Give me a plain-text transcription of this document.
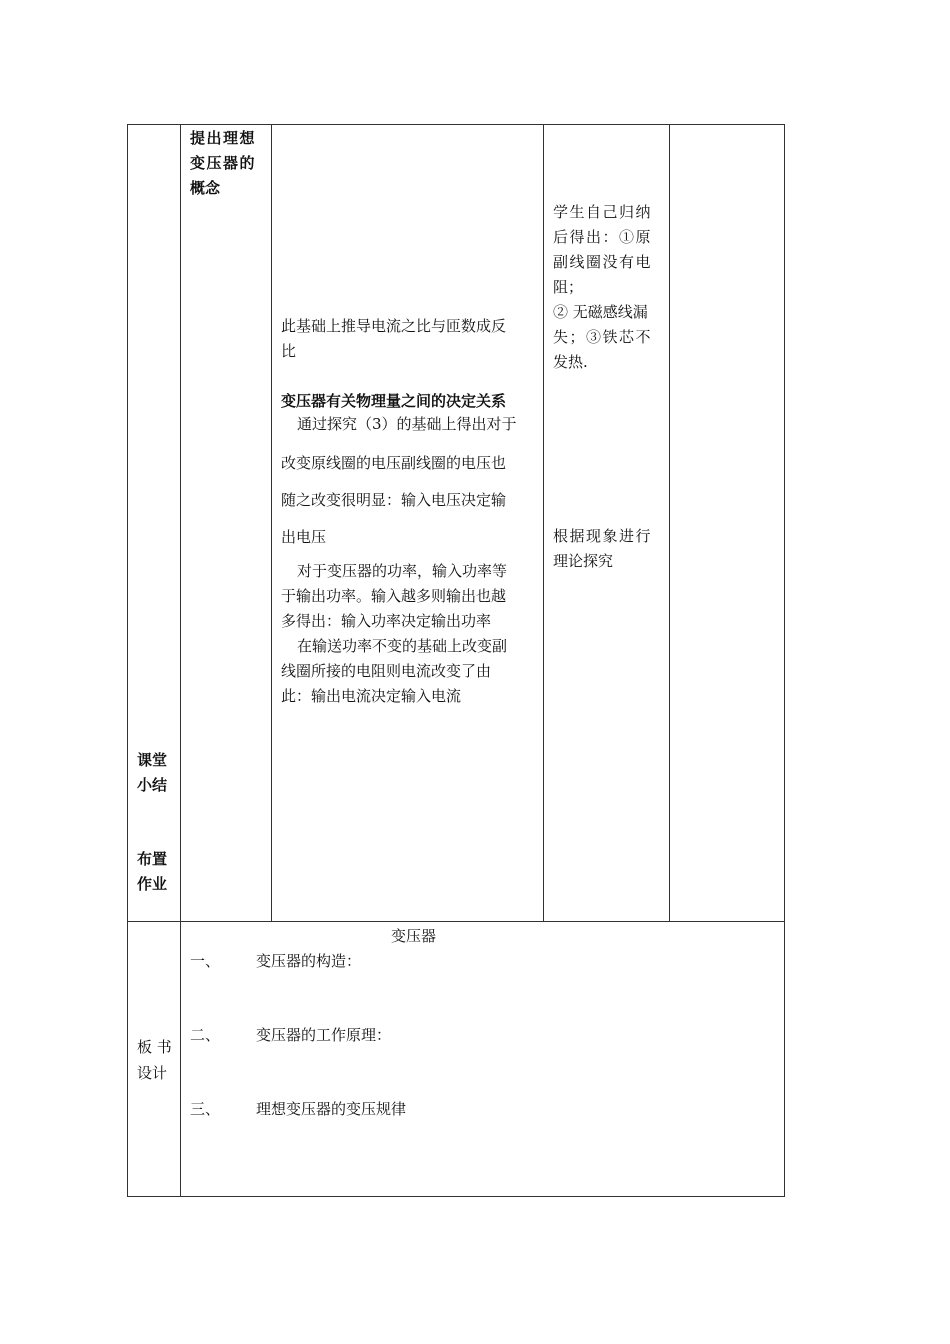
提出理想
变压器的
概念
课堂
小结
布置
作业
此基础上推导电流之比与匝数成反
比
变压器有关物理量之间的决定关系
通过探究（3）的基础上得出对于
改变原线圈的电压副线圈的电压也
随之改变很明显：输入电压决定输
出电压
对于变压器的功率，输入功率等
于输出功率。输入越多则输出也越
多得出：输入功率决定输出功率
在输送功率不变的基础上改变副
线圈所接的电阻则电流改变了由
此：输出电流决定输入电流
学生自己归纳
后得出：①原
副线圈没有电
阻；
② 无磁感线漏
失；③铁芯不
发热.
根据现象进行
理论探究
板 书
设计
变压器
一、 变压器的构造：
二、 变压器的工作原理：
三、 理想变压器的变压规律
